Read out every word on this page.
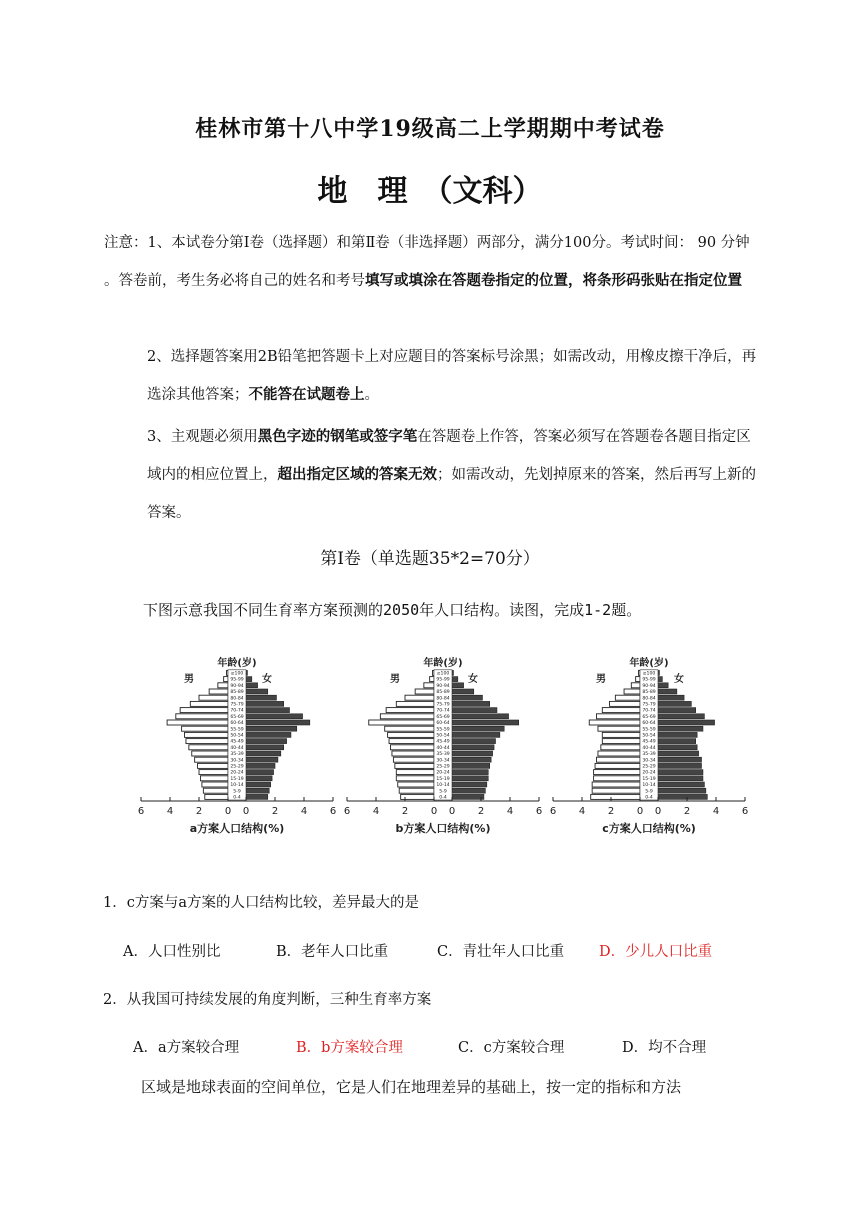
桂林市第十八中学19级高二上学期期中考试卷
地　理　（文科）
注意：1、本试卷分第Ⅰ卷（选择题）和第Ⅱ卷（非选择题）两部分，满分100分。考试时间： 90 分钟 。答卷前，考生务必将自己的姓名和考号填写或填涂在答题卷指定的位置，将条形码张贴在指定位置
2、选择题答案用2B铅笔把答题卡上对应题目的答案标号涂黑；如需改动，用橡皮擦干净后，再选涂其他答案；不能答在试题卷上。
3、主观题必须用黑色字迹的钢笔或签字笔在答题卷上作答，答案必须写在答题卷各题目指定区域内的相应位置上，超出指定区域的答案无效；如需改动，先划掉原来的答案，然后再写上新的答案。
第Ⅰ卷（单选题35*2=70分）
下图示意我国不同生育率方案预测的2050年人口结构。读图，完成1-2题。
0-4
5-9
10-14
15-19
20-24
25-29
30-34
35-39
40-44
45-49
50-54
55-59
60-64
65-69
70-74
75-79
80-84
85-89
90-94
95-99
≥100
年龄(岁)
男	女
6 4 2 0 0 2 4 6
a方案人口结构(%)
0-4
5-9
10-14
15-19
20-24
25-29
30-34
35-39
40-44
45-49
50-54
55-59
60-64
65-69
70-74
75-79
80-84
85-89
90-94
95-99
≥100
年龄(岁)
男	女
6 4 2 0 0 2 4 6
b方案人口结构(%)
0-4
5-9
10-14
15-19
20-24
25-29
30-34
35-39
40-44
45-49
50-54
55-59
60-64
65-69
70-74
75-79
80-84
85-89
90-94
95-99
≥100
年龄(岁)
男	女
6 4 2 0 0 2 4 6
c方案人口结构(%)
1．c方案与a方案的人口结构比较，差异最大的是
A．人口性别比	B．老年人口比重	C．青壮年人口比重 D．少儿人口比重
2．从我国可持续发展的角度判断，三种生育率方案
A．a方案较合理	B．b方案较合理	C．c方案较合理	D．均不合理
区域是地球表面的空间单位，它是人们在地理差异的基础上，按一定的指标和方法
